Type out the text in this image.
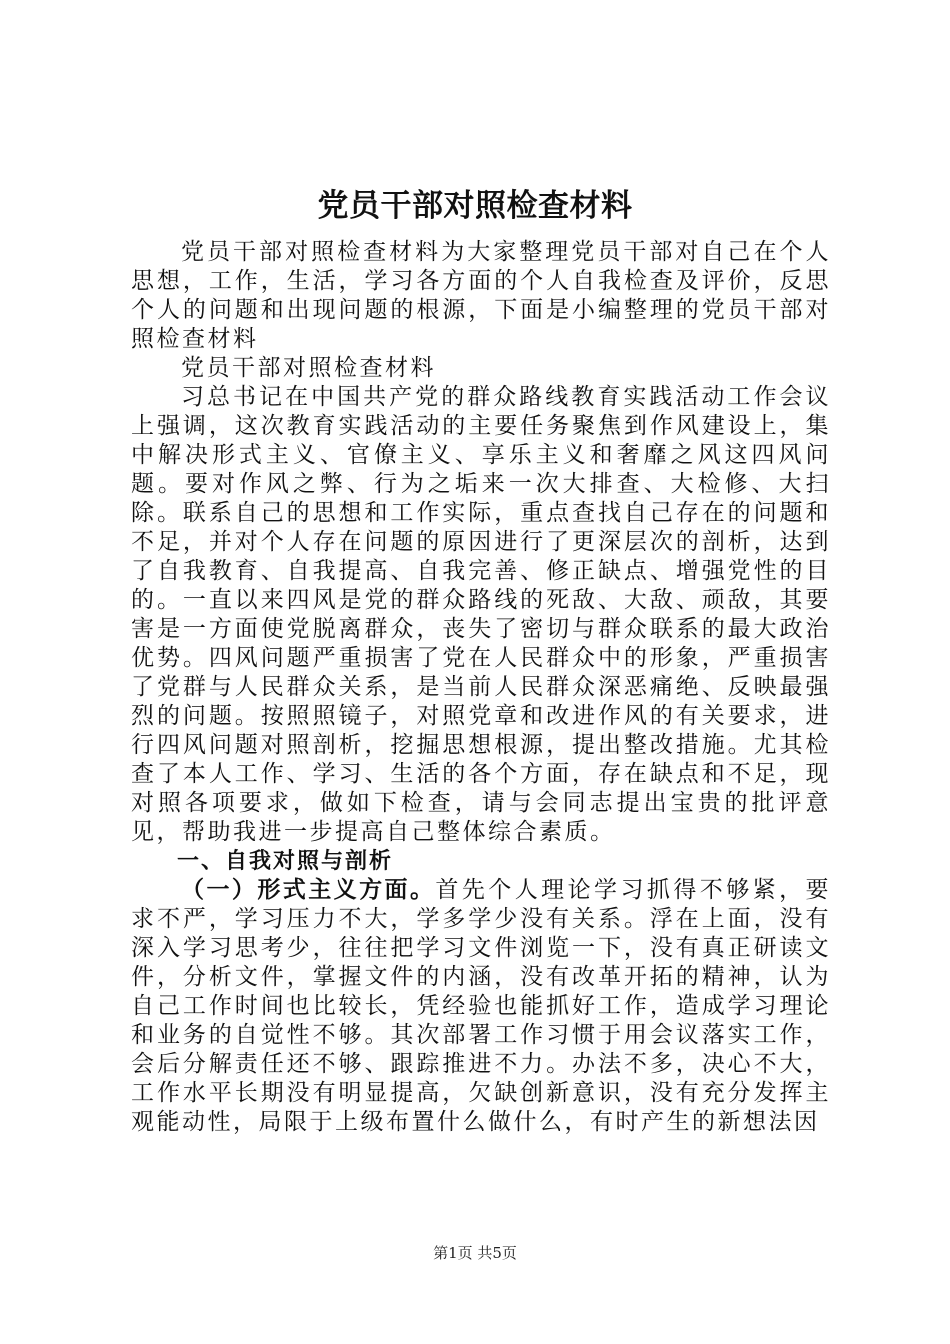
党员干部对照检查材料

党员干部对照检查材料为大家整理党员干部对自己在个人思想，工作，生活，学习各方面的个人自我检查及评价，反思个人的问题和出现问题的根源，下面是小编整理的党员干部对照检查材料

党员干部对照检查材料

习总书记在中国共产党的群众路线教育实践活动工作会议上强调，这次教育实践活动的主要任务聚焦到作风建设上，集中解决形式主义、官僚主义、享乐主义和奢靡之风这四风问题。要对作风之弊、行为之垢来一次大排查、大检修、大扫除。联系自己的思想和工作实际，重点查找自己存在的问题和不足，并对个人存在问题的原因进行了更深层次的剖析，达到了自我教育、自我提高、自我完善、修正缺点、增强党性的目的。一直以来四风是党的群众路线的死敌、大敌、顽敌，其要害是一方面使党脱离群众，丧失了密切与群众联系的最大政治优势。四风问题严重损害了党在人民群众中的形象，严重损害了党群与人民群众关系，是当前人民群众深恶痛绝、反映最强烈的问题。按照照镜子，对照党章和改进作风的有关要求，进行四风问题对照剖析，挖掘思想根源，提出整改措施。尤其检查了本人工作、学习、生活的各个方面，存在缺点和不足，现对照各项要求，做如下检查，请与会同志提出宝贵的批评意见，帮助我进一步提高自己整体综合素质。

一、自我对照与剖析

（一）形式主义方面。首先个人理论学习抓得不够紧，要求不严，学习压力不大，学多学少没有关系。浮在上面，没有深入学习思考少，往往把学习文件浏览一下，没有真正研读文件，分析文件，掌握文件的内涵，没有改革开拓的精神，认为自己工作时间也比较长，凭经验也能抓好工作，造成学习理论和业务的自觉性不够。其次部署工作习惯于用会议落实工作，会后分解责任还不够、跟踪推进不力。办法不多，决心不大，工作水平长期没有明显提高，欠缺创新意识，没有充分发挥主观能动性，局限于上级布置什么做什么，有时产生的新想法因

第1页 共5页
